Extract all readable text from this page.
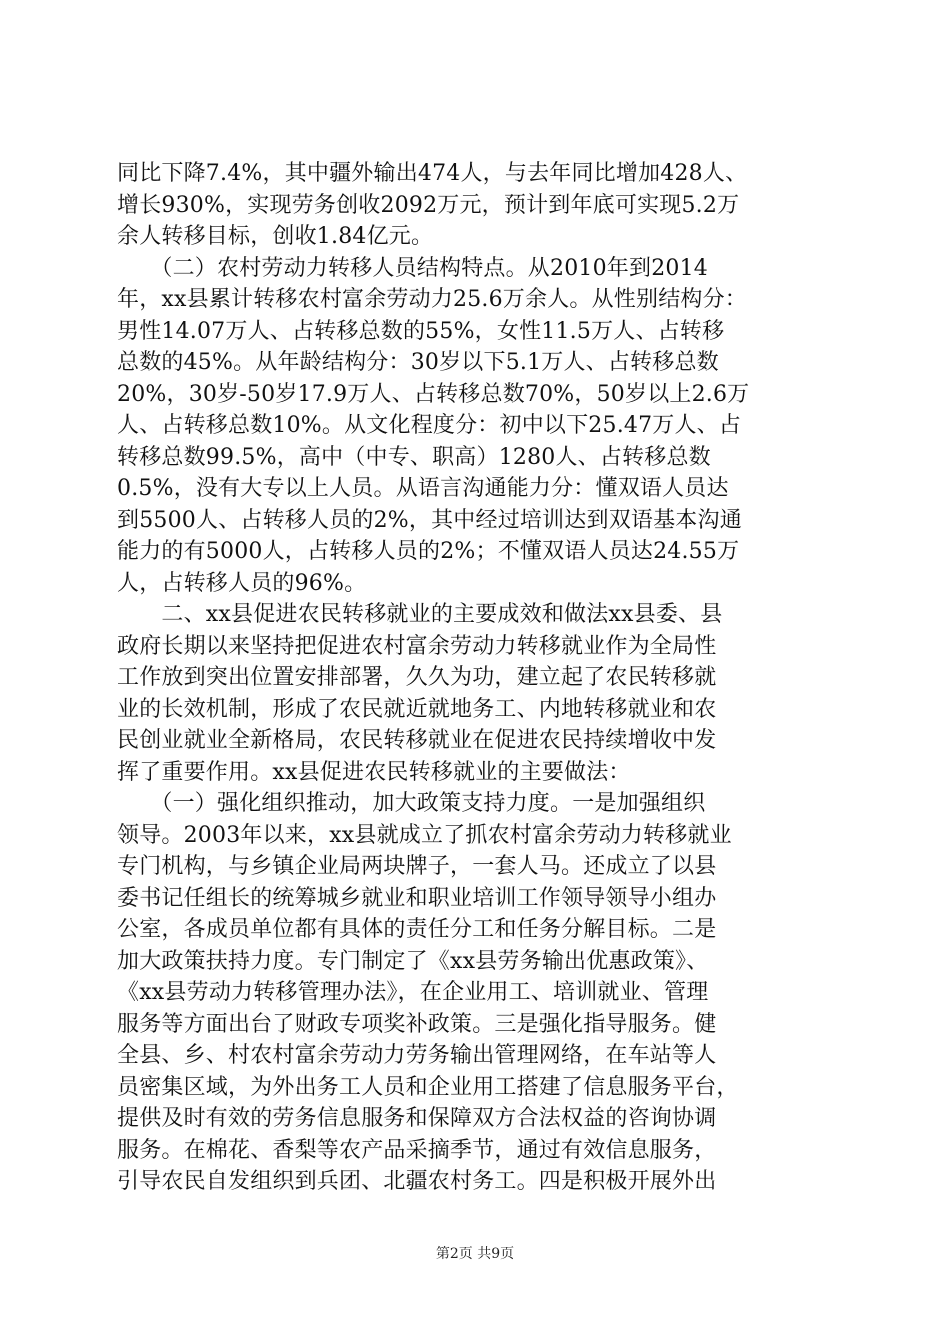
同比下降7.4%，其中疆外输出474人，与去年同比增加428人、
增长930%，实现劳务创收2092万元，预计到年底可实现5.2万
余人转移目标，创收1.84亿元。
　　（二）农村劳动力转移人员结构特点。从2010年到2014
年，xx县累计转移农村富余劳动力25.6万余人。从性别结构分：
男性14.07万人、占转移总数的55%，女性11.5万人、占转移
总数的45%。从年龄结构分：30岁以下5.1万人、占转移总数
20%，30岁-50岁17.9万人、占转移总数70%，50岁以上2.6万
人、占转移总数10%。从文化程度分：初中以下25.47万人、占
转移总数99.5%，高中（中专、职高）1280人、占转移总数
0.5%，没有大专以上人员。从语言沟通能力分：懂双语人员达
到5500人、占转移人员的2%，其中经过培训达到双语基本沟通
能力的有5000人，占转移人员的2%；不懂双语人员达24.55万
人，占转移人员的96%。
　　二、xx县促进农民转移就业的主要成效和做法xx县委、县
政府长期以来坚持把促进农村富余劳动力转移就业作为全局性
工作放到突出位置安排部署，久久为功，建立起了农民转移就
业的长效机制，形成了农民就近就地务工、内地转移就业和农
民创业就业全新格局，农民转移就业在促进农民持续增收中发
挥了重要作用。xx县促进农民转移就业的主要做法：
　　（一）强化组织推动，加大政策支持力度。一是加强组织
领导。2003年以来，xx县就成立了抓农村富余劳动力转移就业
专门机构，与乡镇企业局两块牌子，一套人马。还成立了以县
委书记任组长的统筹城乡就业和职业培训工作领导领导小组办
公室，各成员单位都有具体的责任分工和任务分解目标。二是
加大政策扶持力度。专门制定了《xx县劳务输出优惠政策》、
《xx县劳动力转移管理办法》，在企业用工、培训就业、管理
服务等方面出台了财政专项奖补政策。三是强化指导服务。健
全县、乡、村农村富余劳动力劳务输出管理网络，在车站等人
员密集区域，为外出务工人员和企业用工搭建了信息服务平台，
提供及时有效的劳务信息服务和保障双方合法权益的咨询协调
服务。在棉花、香梨等农产品采摘季节，通过有效信息服务，
引导农民自发组织到兵团、北疆农村务工。四是积极开展外出
第2页 共9页
